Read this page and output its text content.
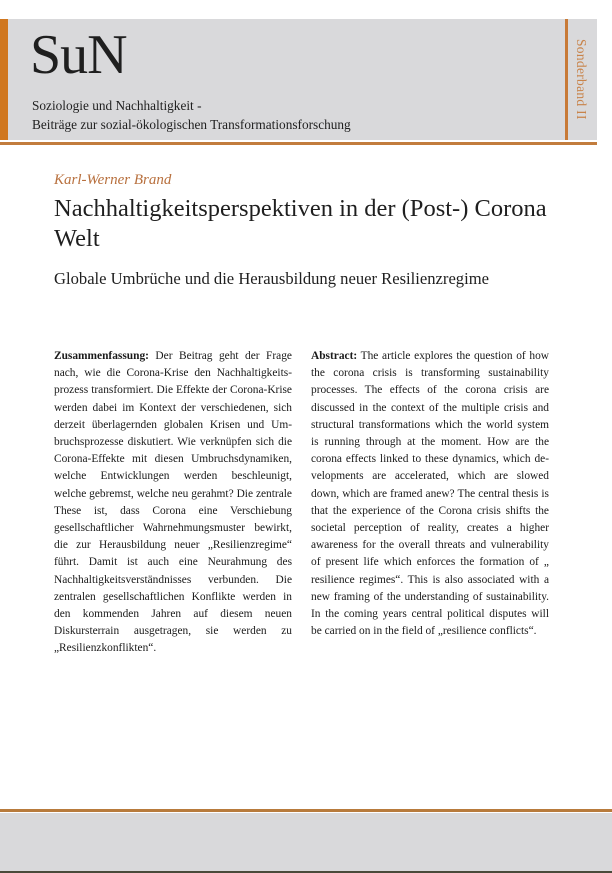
SuN
Soziologie und Nachhaltigkeit -
Beiträge zur sozial-ökologischen Transformationsforschung
Sonderband II
Karl-Werner Brand
Nachhaltigkeitsperspektiven in der (Post-) Corona Welt
Globale Umbrüche und die Herausbildung neuer Resilienzregime
Zusammenfassung: Der Beitrag geht der Frage nach, wie die Corona-Krise den Nachhaltigkeitsprozess transformiert. Die Effekte der Corona-Krise werden dabei im Kontext der verschiedenen, sich derzeit überlagernden globalen Krisen und Umbruchsprozesse diskutiert. Wie verknüpfen sich die Corona-Effekte mit diesen Umbruchsdynamiken, welche Entwicklungen werden beschleunigt, welche gebremst, welche neu gerahmt? Die zentrale These ist, dass Corona eine Verschiebung gesellschaftlicher Wahrnehmungsmuster bewirkt, die zur Herausbildung neuer „Resilienzregime“ führt. Damit ist auch eine Neurahmung des Nachhaltigkeitsverständnisses verbunden. Die zentralen gesellschaftlichen Konflikte werden in den kommenden Jahren auf diesem neuen Diskursterrain ausgetragen, sie werden zu „Resilienzkonflikten“.
Abstract: The article explores the question of how the corona crisis is transforming sustainability processes. The effects of the corona crisis are discussed in the context of the multiple crisis and structural transformations which the world system is running through at the moment. How are the corona effects linked to these dynamics, which developments are accelerated, which are slowed down, which are framed anew? The central thesis is that the experience of the Corona crisis shifts the societal perception of reality, creates a higher awareness for the overall threats and vulnerability of present life which enforces the formation of „ resilience regimes“. This is also associated with a new framing of the understanding of sustainability. In the coming years central political disputes will be carried on in the field of „resilience conflicts“.
